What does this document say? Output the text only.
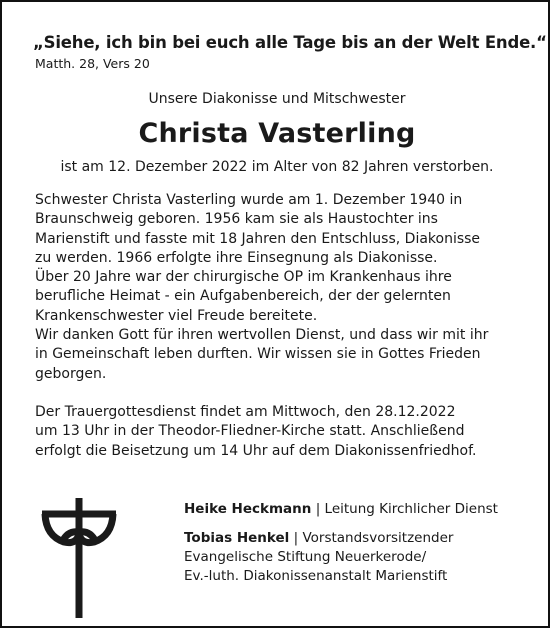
„Siehe, ich bin bei euch alle Tage bis an der Welt Ende.“
Matth. 28, Vers 20
Unsere Diakonisse und Mitschwester
Christa Vasterling
ist am 12. Dezember 2022 im Alter von 82 Jahren verstorben.
Schwester Christa Vasterling wurde am 1. Dezember 1940 in
Braunschweig geboren. 1956 kam sie als Haustochter ins
Marienstift und fasste mit 18 Jahren den Entschluss, Diakonisse
zu werden. 1966 erfolgte ihre Einsegnung als Diakonisse.
Über 20 Jahre war der chirurgische OP im Krankenhaus ihre
berufliche Heimat - ein Aufgabenbereich, der der gelernten
Krankenschwester viel Freude bereitete.
Wir danken Gott für ihren wertvollen Dienst, und dass wir mit ihr
in Gemeinschaft leben durften. Wir wissen sie in Gottes Frieden
geborgen.
Der Trauergottesdienst findet am Mittwoch, den 28.12.2022
um 13 Uhr in der Theodor-Fliedner-Kirche statt. Anschließend
erfolgt die Beisetzung um 14 Uhr auf dem Diakonissenfriedhof.
Heike Heckmann | Leitung Kirchlicher Dienst
Tobias Henkel | Vorstandsvorsitzender
Evangelische Stiftung Neuerkerode/
Ev.-luth. Diakonissenanstalt Marienstift
